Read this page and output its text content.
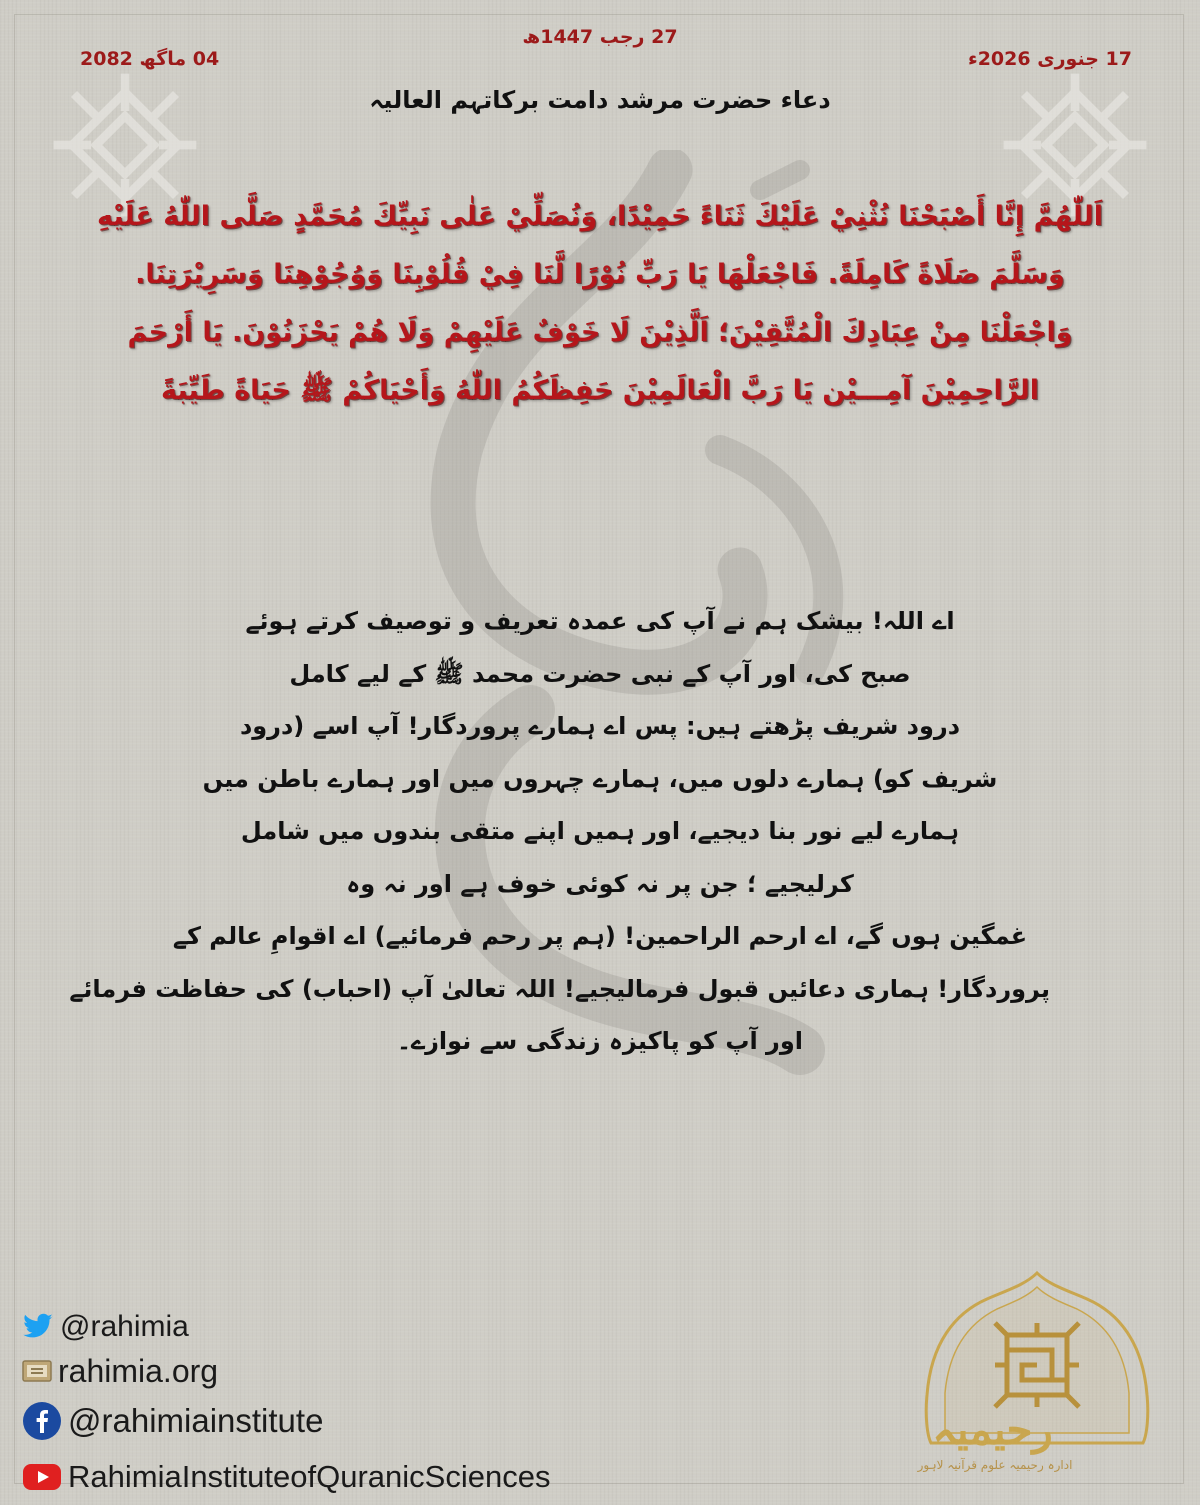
27 رجب 1447ھ
17 جنوری 2026ء
04 ماگھ 2082
دعاء حضرت مرشد دامت برکاتہم العالیہ
اَللّٰهُمَّ إِنَّا أَصْبَحْنَا نُثْنِيْ عَلَيْكَ ثَنَاءً حَمِيْدًا، وَنُصَلِّيْ عَلٰى نَبِيِّكَ مُحَمَّدٍ صَلَّى اللّٰهُ عَلَيْهِ وَسَلَّمَ صَلَاةً كَامِلَةً. فَاجْعَلْهَا يَا رَبِّ نُوْرًا لَّنَا فِيْ قُلُوْبِنَا وَوُجُوْهِنَا وَسَرِيْرَتِنَا. وَاجْعَلْنَا مِنْ عِبَادِكَ الْمُتَّقِيْنَ؛ اَلَّذِيْنَ لَا خَوْفٌ عَلَيْهِمْ وَلَا هُمْ يَحْزَنُوْنَ. يَا أَرْحَمَ الرَّاحِمِيْنَ آمِـــيْن يَا رَبَّ الْعَالَمِيْنَ حَفِظَكُمُ اللّٰهُ وَأَحْيَاكُمْ ﷺ حَيَاةً طَيِّبَةً
اے اللہ! بیشک ہم نے آپ کی عمدہ تعریف و توصیف کرتے ہوئے
صبح کی، اور آپ کے نبی حضرت محمد ﷺ کے لیے کامل
درود شریف پڑھتے ہیں: پس اے ہمارے پروردگار! آپ اسے (درود
شریف کو) ہمارے دلوں میں، ہمارے چہروں میں اور ہمارے باطن میں
ہمارے لیے نور بنا دیجیے، اور ہمیں اپنے متقی بندوں میں شامل
کرلیجیے ؛ جن پر نہ کوئی خوف ہے اور نہ وہ
غمگین ہوں گے، اے ارحم الراحمین! (ہم پر رحم فرمائیے) اے اقوامِ عالم کے
پروردگار! ہماری دعائیں قبول فرمالیجیے! اللہ تعالیٰ آپ (احباب) کی حفاظت فرمائے
اور آپ کو پاکیزہ زندگی سے نوازے۔
@rahimia
rahimia.org
@rahimiainstitute
RahimiaInstituteofQuranicSciences
رحیمیہ
ادارہ رحیمیہ علوم قرآنیہ لاہور
